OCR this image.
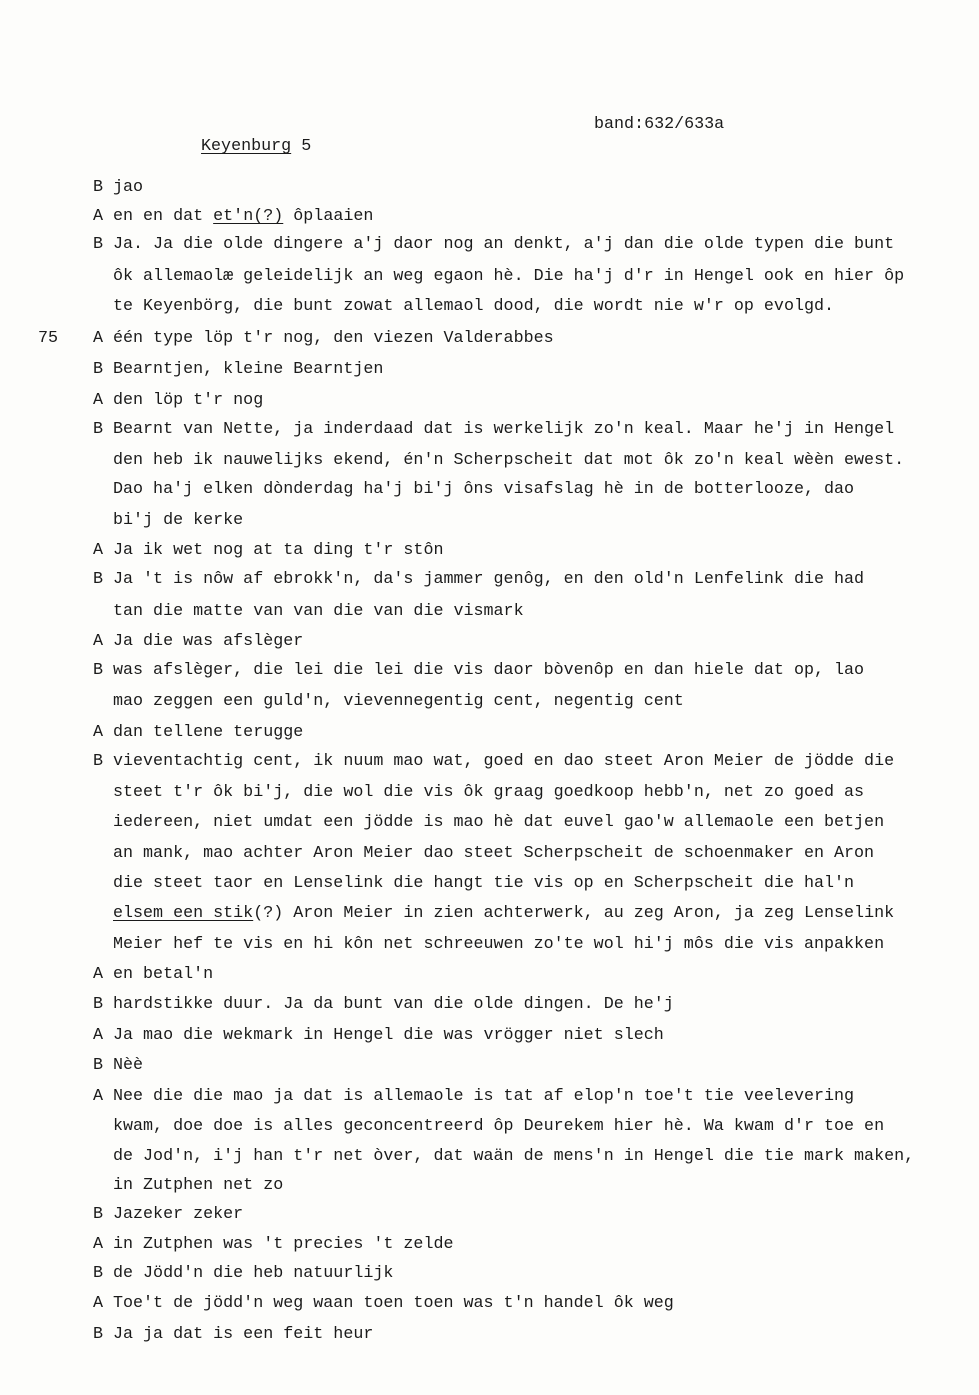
Keyenburg 5

band:632/633a
75
B jao
A en en dat et'n(?) ôplaaien
B Ja. Ja die olde dingere a'j daor nog an denkt, a'j dan die olde typen die bunt
ôk allemaolæ geleidelijk an weg egaon hè. Die ha'j d'r in Hengel ook en hier ôp
te Keyenbörg, die bunt zowat allemaol dood, die wordt nie w'r op evolgd.
A één type löp t'r nog, den viezen Valderabbes
B Bearntjen, kleine Bearntjen
A den löp t'r nog
B Bearnt van Nette, ja inderdaad dat is werkelijk zo'n keal. Maar he'j in Hengel
den heb ik nauwelijks ekend, én'n Scherpscheit dat mot ôk zo'n keal wèèn ewest.
Dao ha'j elken dònderdag ha'j bi'j ôns visafslag hè in de botterlooze, dao
bi'j de kerke
A Ja ik wet nog at ta ding t'r stôn
B Ja 't is nôw af ebrokk'n, da's jammer genôg, en den old'n Lenfelink die had
tan die matte van van die van die vismark
A Ja die was afslèger
B was afslèger, die lei die lei die vis daor bòvenôp en dan hiele dat op, lao
mao zeggen een guld'n, vievennegentig cent, negentig cent
A dan tellene terugge
B vieventachtig cent, ik nuum mao wat, goed en dao steet Aron Meier de jödde die
steet t'r ôk bi'j, die wol die vis ôk graag goedkoop hebb'n, net zo goed as
iedereen, niet umdat een jödde is mao hè dat euvel gao'w allemaole een betjen
an mank, mao achter Aron Meier dao steet Scherpscheit de schoenmaker en Aron
die steet taor en Lenselink die hangt tie vis op en Scherpscheit die hal'n
elsem een stik(?) Aron Meier in zien achterwerk, au zeg Aron, ja zeg Lenselink
Meier hef te vis en hi kôn net schreeuwen zo'te wol hi'j môs die vis anpakken
A en betal'n
B hardstikke duur. Ja da bunt van die olde dingen. De he'j
A Ja mao die wekmark in Hengel die was vrögger niet slech
B Nèè
A Nee die die mao ja dat is allemaole is tat af elop'n toe't tie veelevering
kwam, doe doe is alles geconcentreerd ôp Deurekem hier hè. Wa kwam d'r toe en
de Jod'n, i'j han t'r net òver, dat waän de mens'n in Hengel die tie mark maken,
in Zutphen net zo
B Jazeker zeker
A in Zutphen was 't precies 't zelde
B de Jödd'n die heb natuurlijk
A Toe't de jödd'n weg waan toen toen was t'n handel ôk weg
B Ja ja dat is een feit heur
